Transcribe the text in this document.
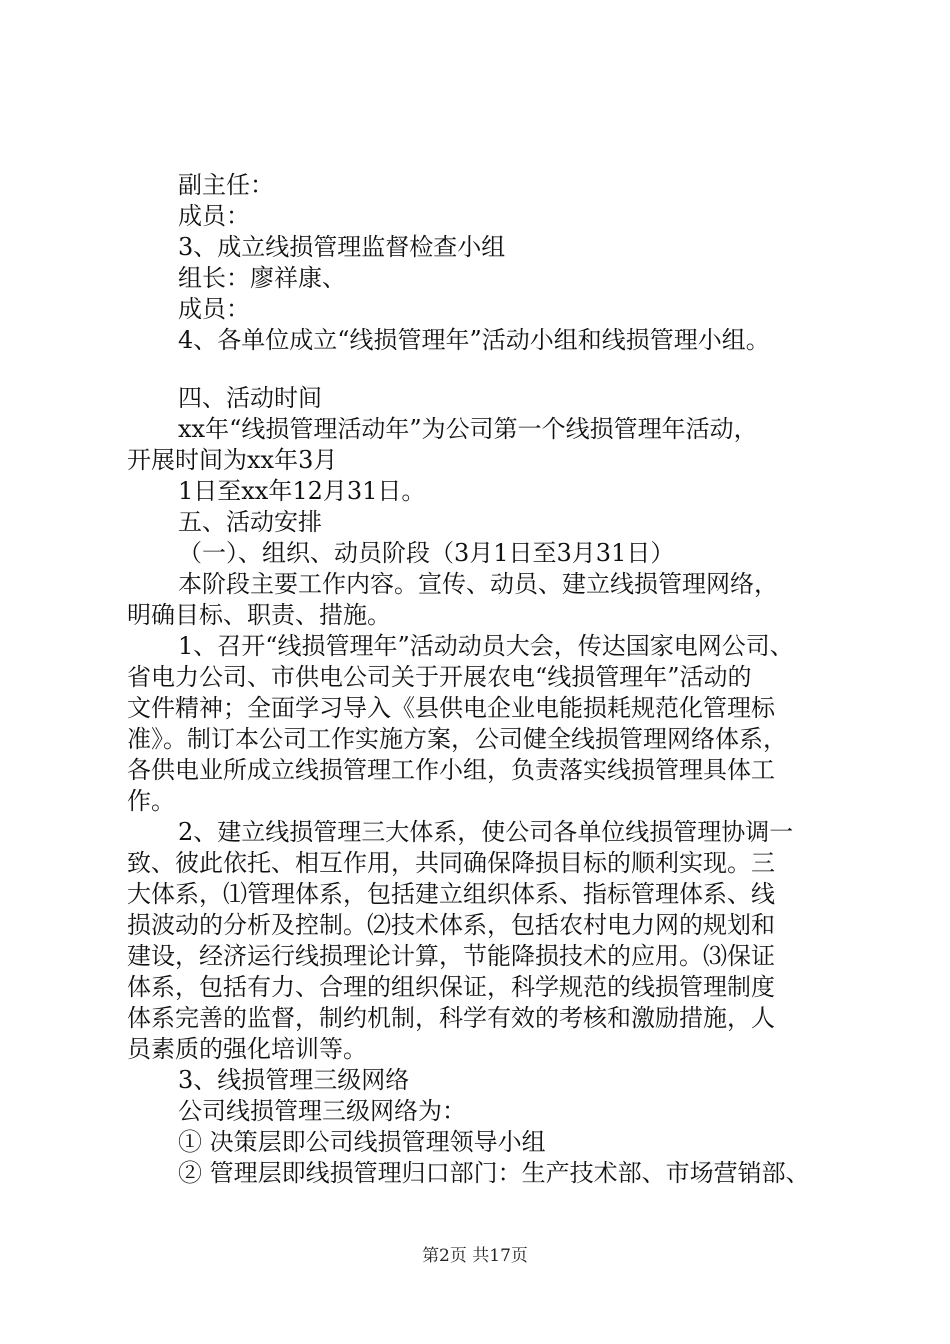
副主任：
成员：
3、成立线损管理监督检查小组
组长：廖祥康、
成员：
4、各单位成立“线损管理年”活动小组和线损管理小组。
四、活动时间
xx年“线损管理活动年”为公司第一个线损管理年活动，
开展时间为xx年3月
1日至xx年12月31日。
五、活动安排
（一）、组织、动员阶段（3月1日至3月31日）
本阶段主要工作内容。宣传、动员、建立线损管理网络，
明确目标、职责、措施。
1、召开“线损管理年”活动动员大会，传达国家电网公司、
省电力公司、市供电公司关于开展农电“线损管理年”活动的
文件精神；全面学习导入《县供电企业电能损耗规范化管理标
准》。制订本公司工作实施方案，公司健全线损管理网络体系，
各供电业所成立线损管理工作小组，负责落实线损管理具体工
作。
2、建立线损管理三大体系，使公司各单位线损管理协调一
致、彼此依托、相互作用，共同确保降损目标的顺利实现。三
大体系，⑴管理体系，包括建立组织体系、指标管理体系、线
损波动的分析及控制。⑵技术体系，包括农村电力网的规划和
建设，经济运行线损理论计算，节能降损技术的应用。⑶保证
体系，包括有力、合理的组织保证，科学规范的线损管理制度
体系完善的监督，制约机制，科学有效的考核和激励措施，人
员素质的强化培训等。
3、线损管理三级网络
公司线损管理三级网络为：
① 决策层即公司线损管理领导小组
② 管理层即线损管理归口部门：生产技术部、市场营销部、
第2页 共17页
